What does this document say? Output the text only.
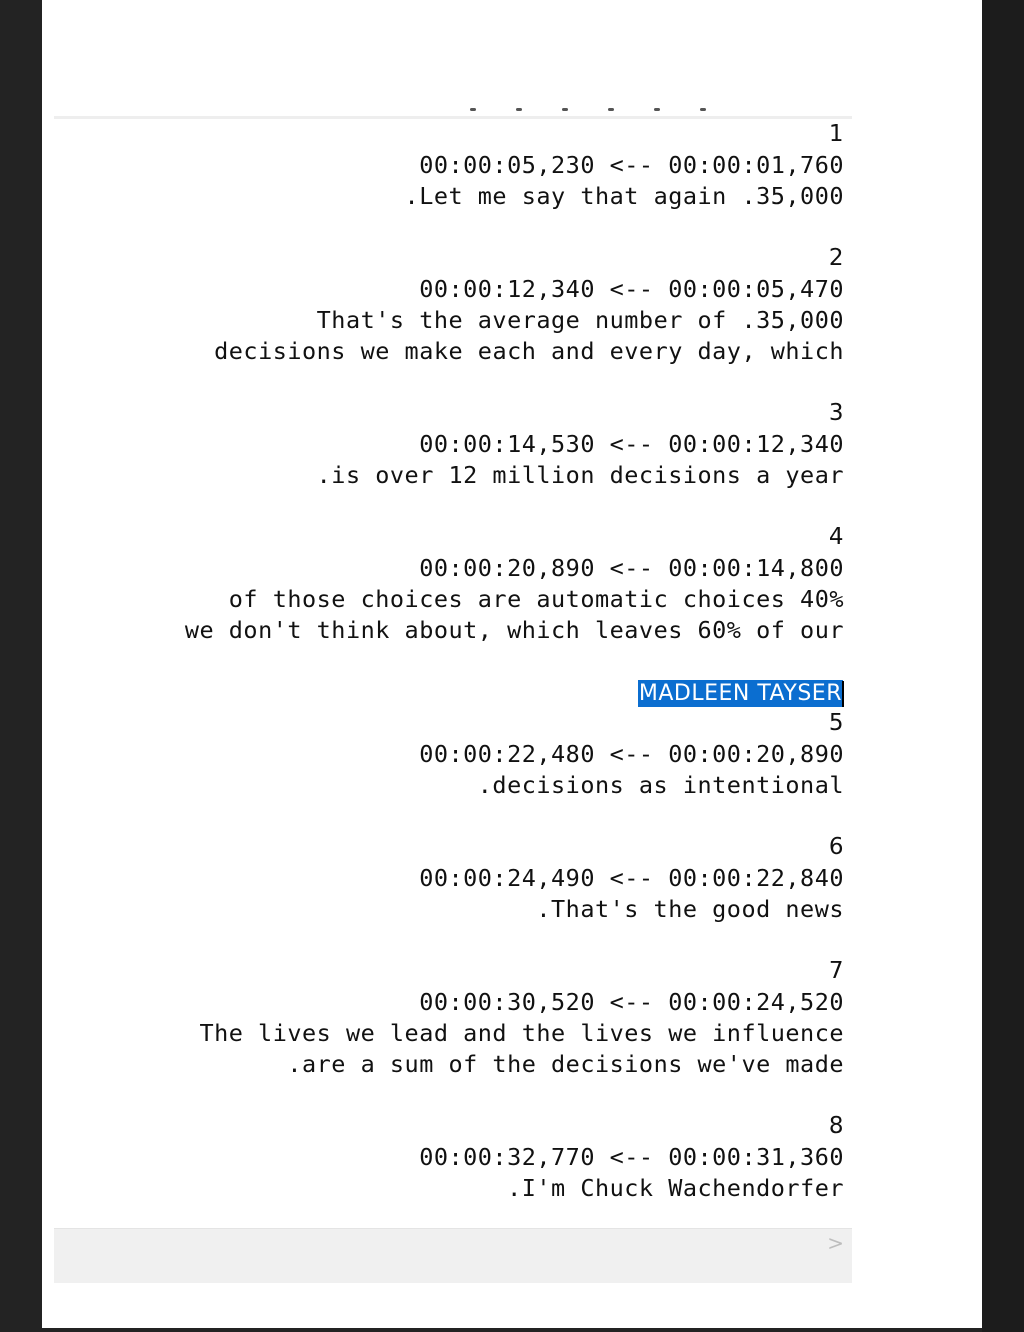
1
00:00:05,230 <-- 00:00:01,760
.Let me say that again .35,000
2
00:00:12,340 <-- 00:00:05,470
That's the average number of .35,000
decisions we make each and every day, which
3
00:00:14,530 <-- 00:00:12,340
.is over 12 million decisions a year
4
00:00:20,890 <-- 00:00:14,800
of those choices are automatic choices 40%
we don't think about, which leaves 60% of our
MADLEEN TAYSER
5
00:00:22,480 <-- 00:00:20,890
.decisions as intentional
6
00:00:24,490 <-- 00:00:22,840
.That's the good news
7
00:00:30,520 <-- 00:00:24,520
The lives we lead and the lives we influence
.are a sum of the decisions we've made
8
00:00:32,770 <-- 00:00:31,360
.I'm Chuck Wachendorfer
>
